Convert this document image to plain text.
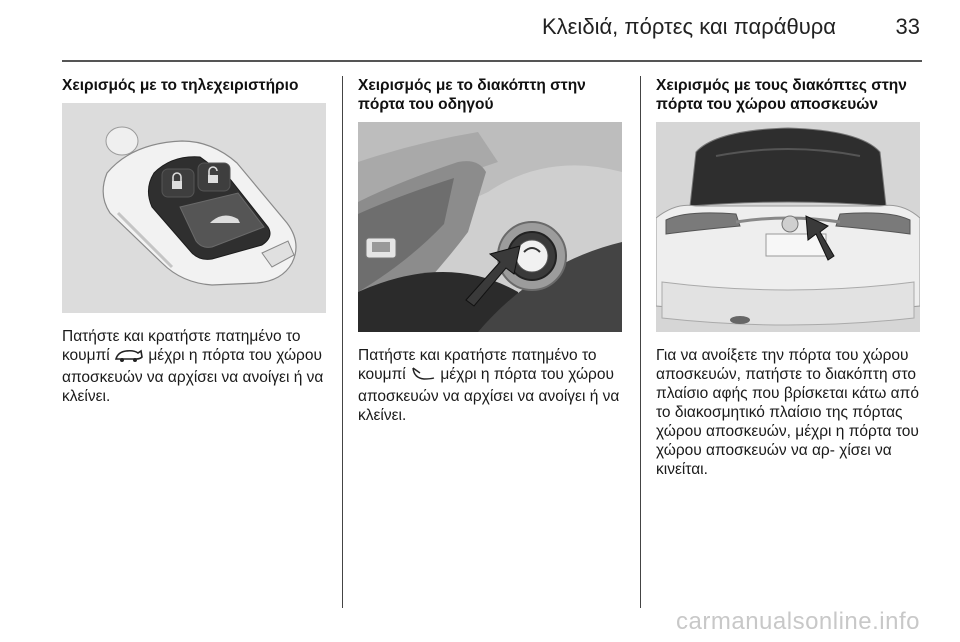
Κλειδιά, πόρτες και παράθυρα	33
Χειρισμός με το τηλεχειριστήριο
Πατήστε και κρατήστε πατημένο το κουμπί μέχρι η πόρτα του χώρου αποσκευών να αρχίσει να ανοίγει ή να κλείνει.
Χειρισμός με το διακόπτη στην πόρτα του οδηγού
Πατήστε και κρατήστε πατημένο το κουμπί μέχρι η πόρτα του χώρου αποσκευών να αρχίσει να ανοίγει ή να κλείνει.
Χειρισμός με τους διακόπτες στην πόρτα του χώρου αποσκευών
Για να ανοίξετε την πόρτα του χώρου αποσκευών, πατήστε το διακόπτη στο πλαίσιο αφής που βρίσκεται κάτω από το διακοσμητικό πλαίσιο της πόρτας χώρου αποσκευών, μέχρι η πόρτα του χώρου αποσκευών να αρ- χίσει να κινείται.
carmanualsonline.info
